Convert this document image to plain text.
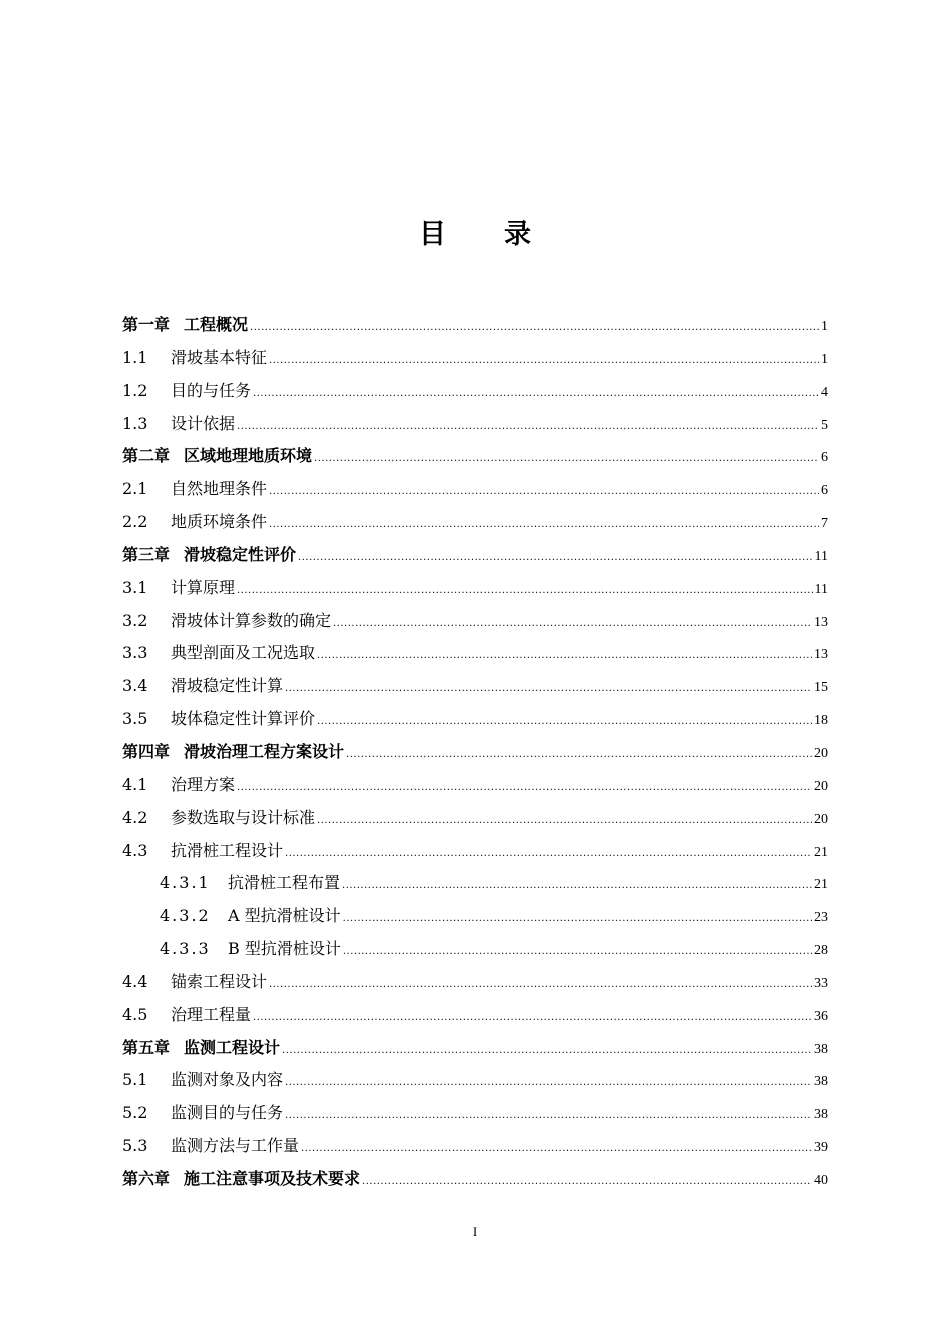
目录
第一章 工程概况 .....	1
1.1	滑坡基本特征 .....	1
1.2	目的与任务 .....	4
1.3	设计依据 .....	5
第二章 区域地理地质环境 .....	6
2.1	自然地理条件 .....	6
2.2	地质环境条件 .....	7
第三章 滑坡稳定性评价 .....	11
3.1	计算原理 .....	11
3.2	滑坡体计算参数的确定 .....	13
3.3	典型剖面及工况选取 .....	13
3.4	滑坡稳定性计算 .....	15
3.5	坡体稳定性计算评价 .....	18
第四章 滑坡治理工程方案设计 .....	20
4.1	治理方案 .....	20
4.2	参数选取与设计标准 .....	20
4.3	抗滑桩工程设计 .....	21
4.3.1	抗滑桩工程布置 .....	21
4.3.2	A 型抗滑桩设计 .....	23
4.3.3	B 型抗滑桩设计 .....	28
4.4	锚索工程设计 .....	33
4.5	治理工程量 .....	36
第五章 监测工程设计 .....	38
5.1	监测对象及内容 .....	38
5.2	监测目的与任务 .....	38
5.3	监测方法与工作量 .....	39
第六章 施工注意事项及技术要求 .....	40
I
